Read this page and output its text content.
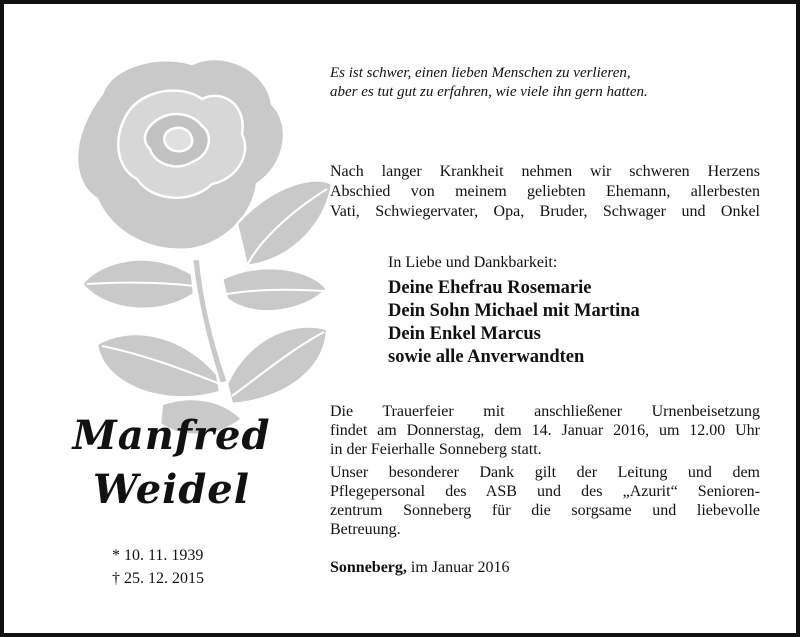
Es ist schwer, einen lieben Menschen zu verlieren,
aber es tut gut zu erfahren, wie viele ihn gern hatten.
Nach langer Krankheit nehmen wir schweren Herzens
Abschied von meinem geliebten Ehemann, allerbesten
Vati, Schwiegervater, Opa, Bruder, Schwager und Onkel
In Liebe und Dankbarkeit:
Deine Ehefrau Rosemarie
Dein Sohn Michael mit Martina
Dein Enkel Marcus
sowie alle Anverwandten
Die Trauerfeier mit anschließener Urnenbeisetzung
findet am Donnerstag, dem 14. Januar 2016, um 12.00 Uhr
in der Feierhalle Sonneberg statt.
Unser besonderer Dank gilt der Leitung und dem
Pflegepersonal des ASB und des „Azurit“ Senioren-
zentrum Sonneberg für die sorgsame und liebevolle
Betreuung.
Sonneberg, im Januar 2016
Manfred
Weidel
* 10. 11. 1939
† 25. 12. 2015
